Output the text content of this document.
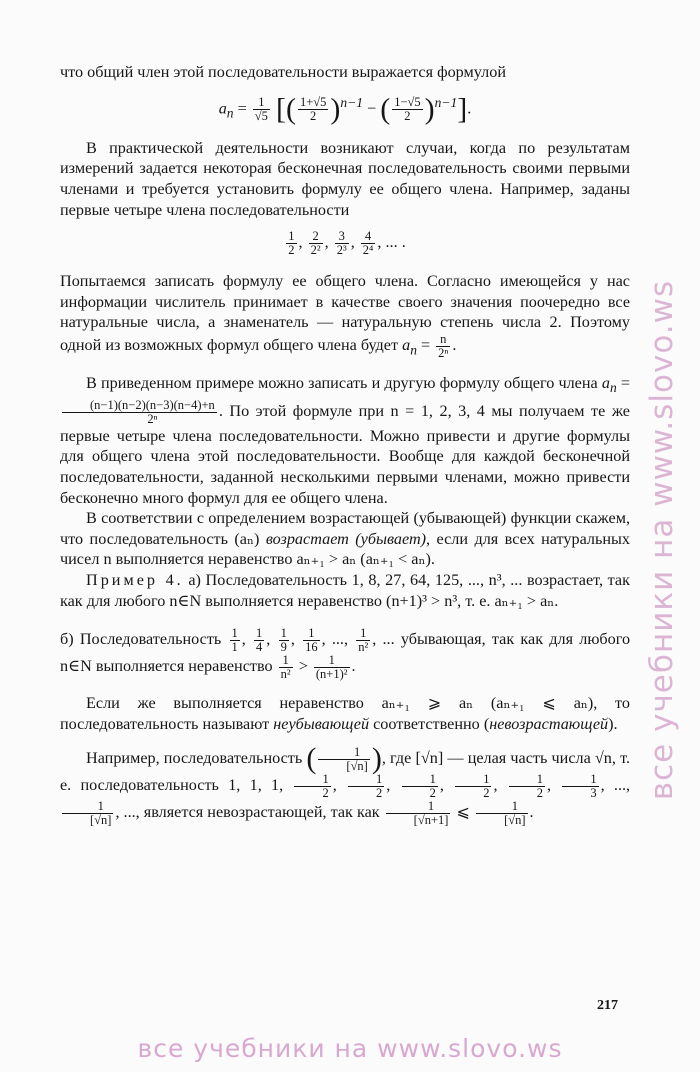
что общий член этой последовательности выражается формулой

$a_n = \frac{1}{√5}$ [( $\frac{1+√5}{2} )^{n-1}$ − ( $\frac{1-√5}{2} )^{n-1}$].

В практической деятельности возникают случаи, когда по результатам измерений задается некоторая бесконечная последовательность своими первыми членами и требуется установить формулу ее общего члена. Например, заданы первые четыре члена последовательности

$\frac{1}{2}$ , $\frac{2}{\text{2²}}$ , $\frac{3}{\text{2³}}$ , $\frac{4}{\text{2⁴}}$ , ... .

Попытаемся записать формулу ее общего члена. Согласно имеющейся у нас информации числитель принимает в качестве своего значения поочередно все натуральные числа, а знаменатель — натуральную степень числа 2. Поэтому одной из возможных формул общего члена будет $a_n = \frac{n}{\text{2ⁿ}}$ .

В приведенном примере можно записать и другую формулу общего члена $a_n$ =
$\frac{(n-1)(n-2)(n-3)(n-4)+n}{\text{2ⁿ}}$ . По этой формуле при n = 1, 2, 3, 4 мы получаем те же первые четыре члена последовательности. Можно привести и другие формулы для общего члена этой последовательности. Вообще для каждой бесконечной последовательности, заданной несколькими первыми членами, можно привести бесконечно много формул для ее общего члена.

В соответствии с определением возрастающей (убывающей) функции скажем, что последовательность (aₙ) возрастает (убывает), если для всех натуральных чисел n выполняется неравенство aₙ₊₁ > aₙ (aₙ₊₁ < aₙ).

Пример 4. а) Последовательность 1, 8, 27, 64, 125, ..., n³, ... возрастает, так как для любого n∈N выполняется неравенство (n+1)³ > n³, т. е. aₙ₊₁ > aₙ.

б) Последовательность $\frac{1}{1}$ , $\frac{1}{4}$ , $\frac{1}{9}$ , $\frac{1}{16}$ , ..., $\frac{1}{\text{n²}}$ , ... убывающая, так как для любого n∈N выполняется неравенство $\frac{1}{\text{n²}} > \frac{1}{\text{(n+1)²}}$ .

Если же выполняется неравенство aₙ₊₁ ⩾ aₙ (aₙ₊₁ ⩽ aₙ), то последовательность называют неубывающей соответственно (невозрастающей).

Например, последовательность ( $\frac{1}{[√n]}$ ), где [√n] — целая часть числа √n, т. е. последовательность 1, 1, 1, $\frac{1}{2}$ , $\frac{1}{2}$ , $\frac{1}{2}$ , $\frac{1}{2}$ , $\frac{1}{2}$ , $\frac{1}{3}$ , ...,
$\frac{1}{[√n]}$ , ..., является невозрастающей, так как $\frac{1}{[√n+1]}$ ⩽ $\frac{1}{[√n]}$ .

217
все учебники на www.slovo.ws
все учебники на www.slovo.ws
